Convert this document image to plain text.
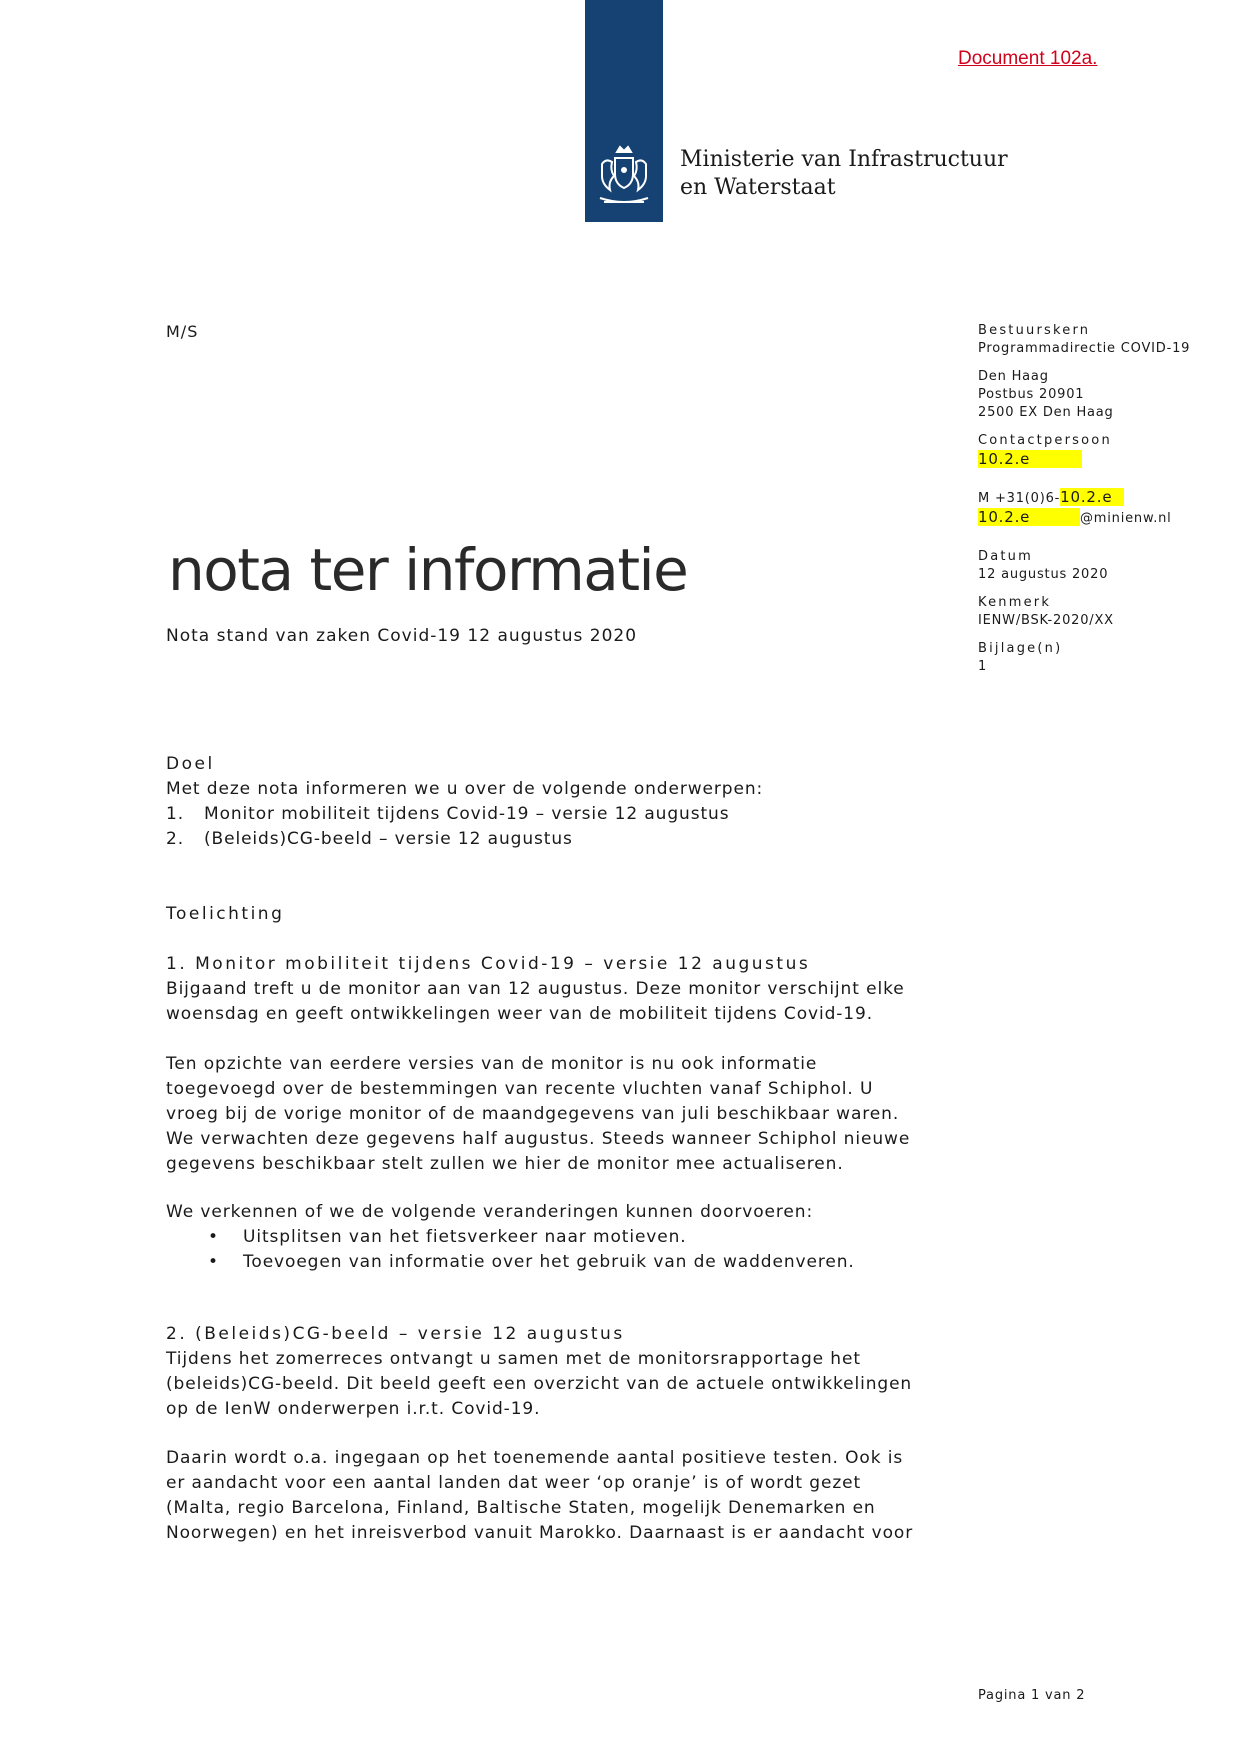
Document 102a.
Ministerie van Infrastructuur
en Waterstaat
M/S
nota ter informatie
Nota stand van zaken Covid-19 12 augustus 2020

Doel

Met deze nota informeren we u over de volgende onderwerpen:

1. Monitor mobiliteit tijdens Covid-19 – versie 12 augustus
2. (Beleids)CG-beeld – versie 12 augustus

Toelichting

1. Monitor mobiliteit tijdens Covid-19 – versie 12 augustus

Bijgaand treft u de monitor aan van 12 augustus. Deze monitor verschijnt elke

woensdag en geeft ontwikkelingen weer van de mobiliteit tijdens Covid-19.

Ten opzichte van eerdere versies van de monitor is nu ook informatie

toegevoegd over de bestemmingen van recente vluchten vanaf Schiphol. U

vroeg bij de vorige monitor of de maandgegevens van juli beschikbaar waren.

We verwachten deze gegevens half augustus. Steeds wanneer Schiphol nieuwe

gegevens beschikbaar stelt zullen we hier de monitor mee actualiseren.

We verkennen of we de volgende veranderingen kunnen doorvoeren:

• Uitsplitsen van het fietsverkeer naar motieven.
• Toevoegen van informatie over het gebruik van de waddenveren.

2. (Beleids)CG-beeld – versie 12 augustus

Tijdens het zomerreces ontvangt u samen met de monitorsrapportage het

(beleids)CG-beeld. Dit beeld geeft een overzicht van de actuele ontwikkelingen

op de IenW onderwerpen i.r.t. Covid-19.

Daarin wordt o.a. ingegaan op het toenemende aantal positieve testen. Ook is

er aandacht voor een aantal landen dat weer ‘op oranje’ is of wordt gezet

(Malta, regio Barcelona, Finland, Baltische Staten, mogelijk Denemarken en

Noorwegen) en het inreisverbod vanuit Marokko. Daarnaast is er aandacht voor

Bestuurskern
Programmadirectie COVID-19
Den Haag
Postbus 20901
2500 EX Den Haag
Contactpersoon
10.2.e
M +31(0)6-10.2.e
10.2.e	@minienw.nl
Datum
12 augustus 2020
Kenmerk
IENW/BSK-2020/XX
Bijlage(n)
1
Pagina 1 van 2
